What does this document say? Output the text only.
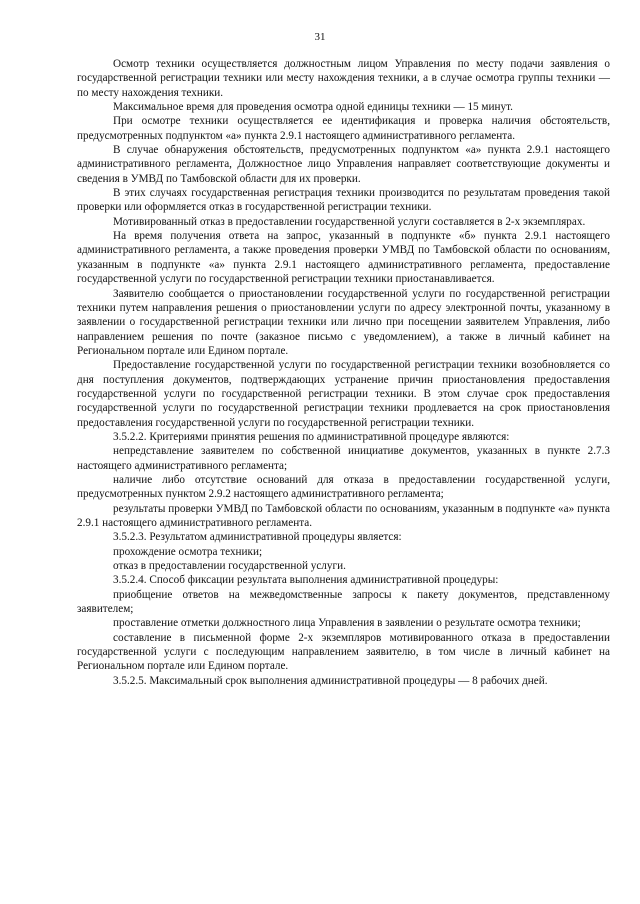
31

Осмотр техники осуществляется должностным лицом Управления по месту подачи заявления о государственной регистрации техники или месту нахождения техники, а в случае осмотра группы техники — по месту нахождения техники.

Максимальное время для проведения осмотра одной единицы техники — 15 минут.

При осмотре техники осуществляется ее идентификация и проверка наличия обстоятельств, предусмотренных подпунктом «а» пункта 2.9.1 настоящего административного регламента.

В случае обнаружения обстоятельств, предусмотренных подпунктом «а» пункта 2.9.1 настоящего административного регламента, Должностное лицо Управления направляет соответствующие документы и сведения в УМВД по Тамбовской области для их проверки.

В этих случаях государственная регистрация техники производится по результатам проведения такой проверки или оформляется отказ в государственной регистрации техники.

Мотивированный отказ в предоставлении государственной услуги составляется в 2-х экземплярах.

На время получения ответа на запрос, указанный в подпункте «б» пункта 2.9.1 настоящего административного регламента, а также проведения проверки УМВД по Тамбовской области по основаниям, указанным в подпункте «а» пункта 2.9.1 настоящего административного регламента, предоставление государственной услуги по государственной регистрации техники приостанавливается.

Заявителю сообщается о приостановлении государственной услуги по государственной регистрации техники путем направления решения о приостановлении услуги по адресу электронной почты, указанному в заявлении о государственной регистрации техники или лично при посещении заявителем Управления, либо направлением решения по почте (заказное письмо с уведомлением), а также в личный кабинет на Региональном портале или Едином портале.

Предоставление государственной услуги по государственной регистрации техники возобновляется со дня поступления документов, подтверждающих устранение причин приостановления предоставления государственной услуги по государственной регистрации техники. В этом случае срок предоставления государственной услуги по государственной регистрации техники продлевается на срок приостановления предоставления государственной услуги по государственной регистрации техники.

3.5.2.2. Критериями принятия решения по административной процедуре являются:

непредставление заявителем по собственной инициативе документов, указанных в пункте 2.7.3 настоящего административного регламента;

наличие либо отсутствие оснований для отказа в предоставлении государственной услуги, предусмотренных пунктом 2.9.2 настоящего административного регламента;

результаты проверки УМВД по Тамбовской области по основаниям, указанным в подпункте «а» пункта 2.9.1 настоящего административного регламента.

3.5.2.3. Результатом административной процедуры является:

прохождение осмотра техники;

отказ в предоставлении государственной услуги.

3.5.2.4. Способ фиксации результата выполнения административной процедуры:

приобщение ответов на межведомственные запросы к пакету документов, представленному заявителем;

проставление отметки должностного лица Управления в заявлении о результате осмотра техники;

составление в письменной форме 2-х экземпляров мотивированного отказа в предоставлении государственной услуги с последующим направлением заявителю, в том числе в личный кабинет на Региональном портале или Едином портале.

3.5.2.5. Максимальный срок выполнения административной процедуры — 8 рабочих дней.
